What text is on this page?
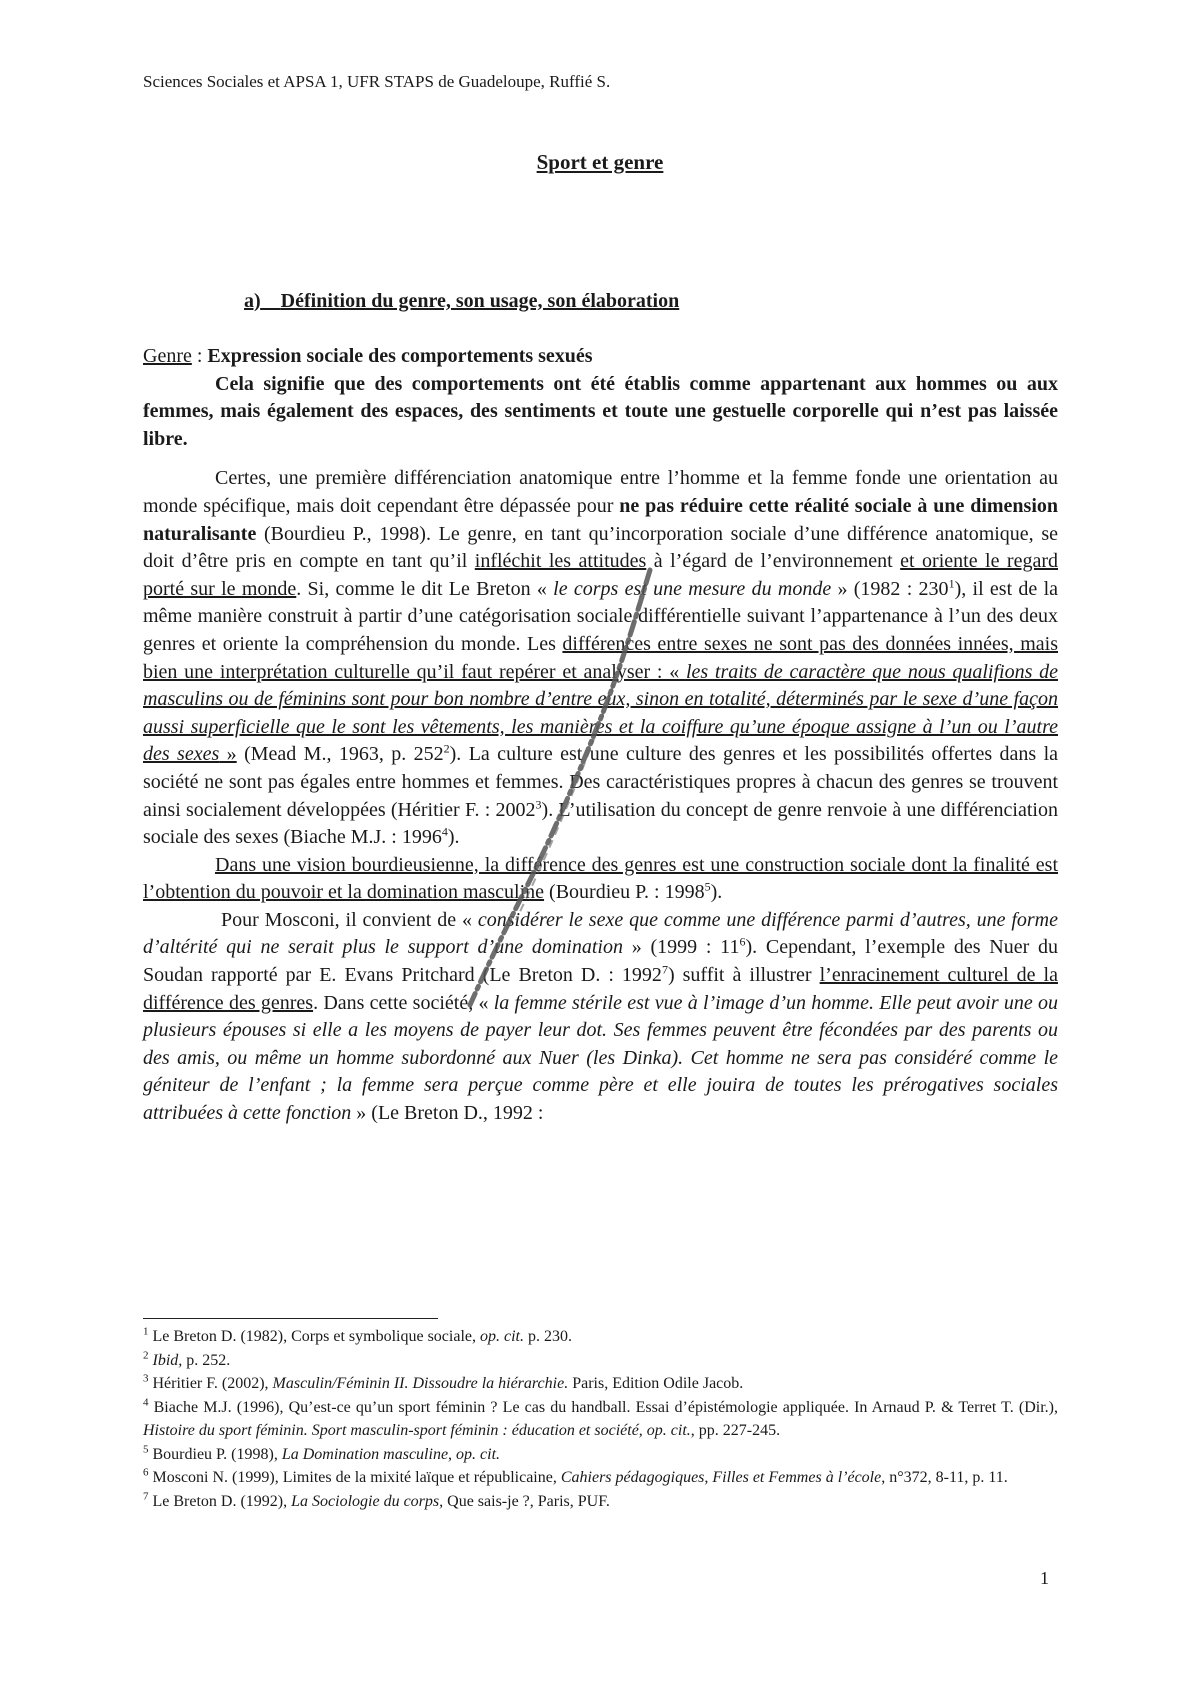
Sciences Sociales et APSA 1, UFR STAPS de Guadeloupe, Ruffié S.
Sport et genre
a) Définition du genre, son usage, son élaboration

Genre : Expression sociale des comportements sexués

Cela signifie que des comportements ont été établis comme appartenant aux hommes ou aux femmes, mais également des espaces, des sentiments et toute une gestuelle corporelle qui n’est pas laissée libre.

Certes, une première différenciation anatomique entre l’homme et la femme fonde une orientation au monde spécifique, mais doit cependant être dépassée pour ne pas réduire cette réalité sociale à une dimension naturalisante (Bourdieu P., 1998). Le genre, en tant qu’incorporation sociale d’une différence anatomique, se doit d’être pris en compte en tant qu’il infléchit les attitudes à l’égard de l’environnement et oriente le regard porté sur le monde. Si, comme le dit Le Breton « le corps est une mesure du monde » (1982 : $230^1$), il est de la même manière construit à partir d’une catégorisation sociale différentielle suivant l’appartenance à l’un des deux genres et oriente la compréhension du monde. Les différences entre sexes ne sont pas des données innées, mais bien une interprétation culturelle qu’il faut repérer et analyser : « les traits de caractère que nous qualifions de masculins ou de féminins sont pour bon nombre d’entre eux, sinon en totalité, déterminés par le sexe d’une façon aussi superficielle que le sont les vêtements, les manières et la coiffure qu’une époque assigne à l’un ou l’autre des sexes » (Mead M., 1963, p. $252^2$). La culture est une culture des genres et les possibilités offertes dans la société ne sont pas égales entre hommes et femmes. Des caractéristiques propres à chacun des genres se trouvent ainsi socialement développées (Héritier F. : 2002$^3$). L’utilisation du concept de genre renvoie à une différenciation sociale des sexes (Biache M.J. : 1996$^4$).

Dans une vision bourdieusienne, la différence des genres est une construction sociale dont la finalité est l’obtention du pouvoir et la domination masculine (Bourdieu P. : 1998$^5$).

Pour Mosconi, il convient de « considérer le sexe que comme une différence parmi d’autres, une forme d’altérité qui ne serait plus le support d’une domination » (1999 : $11^6$). Cependant, l’exemple des Nuer du Soudan rapporté par E. Evans Pritchard (Le Breton D. : 1992$^7$) suffit à illustrer l’enracinement culturel de la différence des genres. Dans cette société, « la femme stérile est vue à l’image d’un homme. Elle peut avoir une ou plusieurs épouses si elle a les moyens de payer leur dot. Ses femmes peuvent être fécondées par des parents ou des amis, ou même un homme subordonné aux Nuer (les Dinka). Cet homme ne sera pas considéré comme le géniteur de l’enfant ; la femme sera perçue comme père et elle jouira de toutes les prérogatives sociales attribuées à cette fonction » (Le Breton D., 1992 :

$^1$ Le Breton D. (1982), Corps et symbolique sociale, op. cit. p. 230.

$^2$ Ibid, p. 252.

$^3$ Héritier F. (2002), Masculin/Féminin II. Dissoudre la hiérarchie. Paris, Edition Odile Jacob.

$^4$ Biache M.J. (1996), Qu’est-ce qu’un sport féminin ? Le cas du handball. Essai d’épistémologie appliquée. In Arnaud P. & Terret T. (Dir.), Histoire du sport féminin. Sport masculin-sport féminin : éducation et société, op. cit., pp. 227-245.

$^5$ Bourdieu P. (1998), La Domination masculine, op. cit.

$^6$ Mosconi N. (1999), Limites de la mixité laïque et républicaine, Cahiers pédagogiques, Filles et Femmes à l’école, n°372, 8-11, p. 11.

$^7$ Le Breton D. (1992), La Sociologie du corps, Que sais-je ?, Paris, PUF.

1
